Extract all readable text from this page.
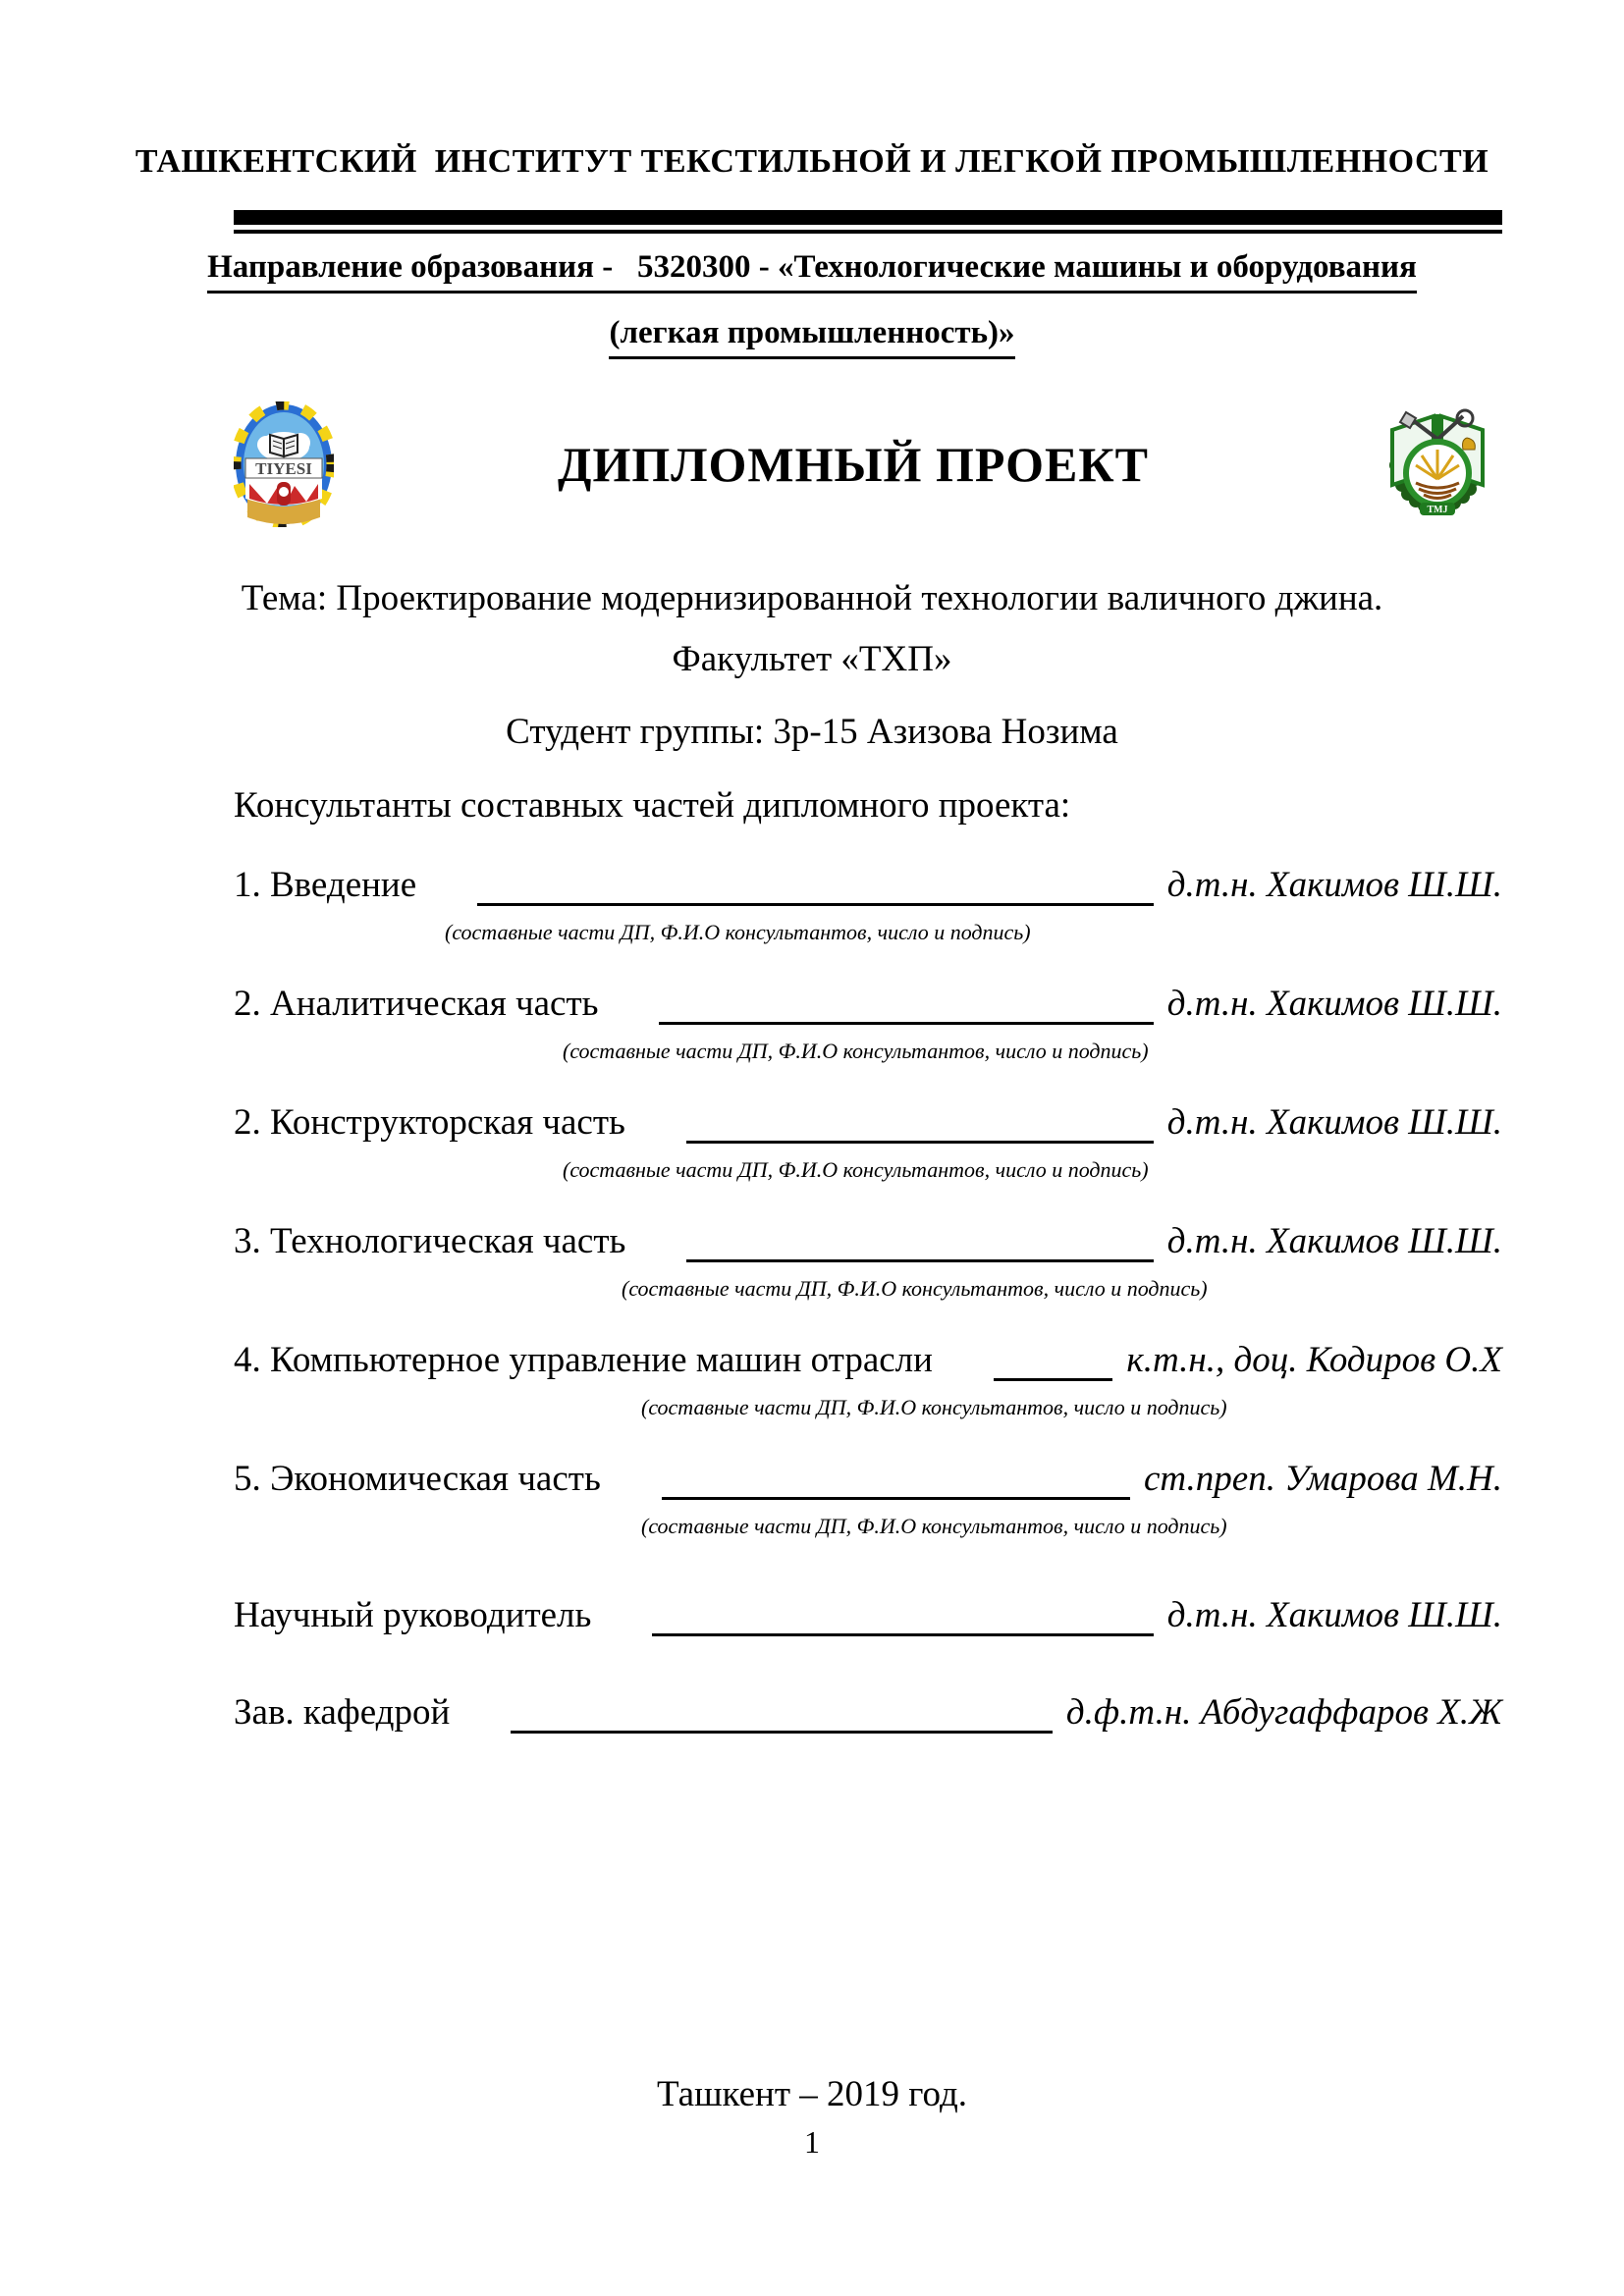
ТАШКЕНТСКИЙ  ИНСТИТУТ ТЕКСТИЛЬНОЙ И ЛЕГКОЙ ПРОМЫШЛЕННОСТИ
Направление образования -   5320300 - «Технологические машины и оборудования
(легкая промышленность)»
TIYESI	ДИПЛОМНЫЙ ПРОЕКТ
ТМЈ
Тема: Проектирование модернизированной технологии валичного джина.
Факультет «ТХП»
Студент группы: 3р-15 Азизова Нозима
Консультанты составных частей дипломного проекта:
1. Введение	д.т.н. Хакимов Ш.Ш.
(составные части ДП, Ф.И.О консультантов, число и подпись)
2. Аналитическая часть	д.т.н. Хакимов Ш.Ш.
(составные части ДП, Ф.И.О консультантов, число и подпись)
2. Конструкторская часть	д.т.н. Хакимов Ш.Ш.
(составные части ДП, Ф.И.О консультантов, число и подпись)
3. Технологическая часть	д.т.н. Хакимов Ш.Ш.
(составные части ДП, Ф.И.О консультантов, число и подпись)
4. Компьютерное управление машин отрасли	к.т.н., доц. Кодиров О.Х
(составные части ДП, Ф.И.О консультантов, число и подпись)
5. Экономическая часть	ст.преп. Умарова М.Н.
(составные части ДП, Ф.И.О консультантов, число и подпись)
Научный руководитель	д.т.н. Хакимов Ш.Ш.
Зав. кафедрой	д.ф.т.н. Абдугаффаров Х.Ж
Ташкент – 2019 год.
1
